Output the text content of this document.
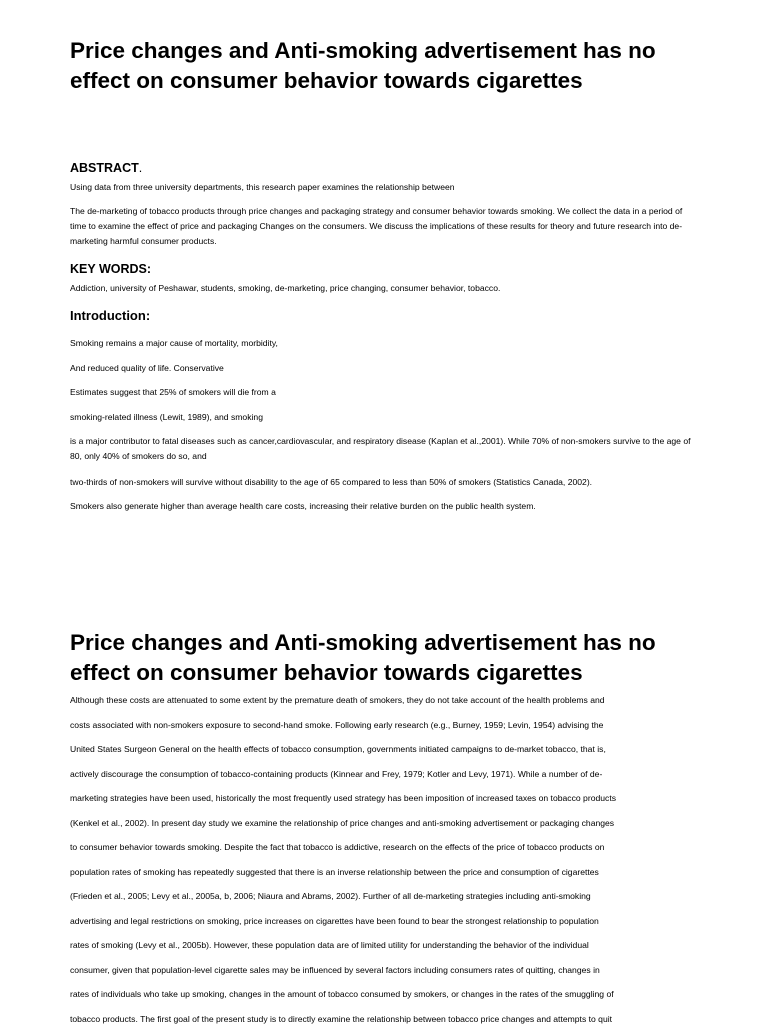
Price changes and Anti-smoking advertisement has no
effect on consumer behavior towards cigarettes
ABSTRACT.

Using data from three university departments, this research paper examines the relationship between

The de-marketing of tobacco products through price changes and packaging strategy and consumer behavior towards smoking. We collect the data in a period of time to examine the effect of price and packaging Changes on the consumers. We discuss the implications of these results for theory and future research into de-marketing harmful consumer products.

KEY WORDS:

Addiction, university of Peshawar, students, smoking, de-marketing, price changing, consumer behavior, tobacco.

Introduction:

Smoking remains a major cause of mortality, morbidity,

And reduced quality of life. Conservative

Estimates suggest that 25% of smokers will die from a

smoking-related illness (Lewit, 1989), and smoking

is a major contributor to fatal diseases such as cancer,cardiovascular, and respiratory disease (Kaplan et al.,2001). While 70% of non-smokers survive to the age of 80, only 40% of smokers do so, and

two-thirds of non-smokers will survive without disability to the age of 65 compared to less than 50% of smokers (Statistics Canada, 2002).

Smokers also generate higher than average health care costs, increasing their relative burden on the public health system.

Price changes and Anti-smoking advertisement has no
effect on consumer behavior towards cigarettes
Although these costs are attenuated to some extent by the premature death of smokers, they do not take account of the health problems and
costs associated with non-smokers exposure to second-hand smoke. Following early research (e.g., Burney, 1959; Levin, 1954) advising the
United States Surgeon General on the health effects of tobacco consumption, governments initiated campaigns to de-market tobacco, that is,
actively discourage the consumption of tobacco-containing products (Kinnear and Frey, 1979; Kotler and Levy, 1971). While a number of de-
marketing strategies have been used, historically the most frequently used strategy has been imposition of increased taxes on tobacco products
(Kenkel et al., 2002). In present day study we examine the relationship of price changes and anti-smoking advertisement or packaging changes
to consumer behavior towards smoking. Despite the fact that tobacco is addictive, research on the effects of the price of tobacco products on
population rates of smoking has repeatedly suggested that there is an inverse relationship between the price and consumption of cigarettes
(Frieden et al., 2005; Levy et al., 2005a, b, 2006; Niaura and Abrams, 2002). Further of all de-marketing strategies including anti-smoking
advertising and legal restrictions on smoking, price increases on cigarettes have been found to bear the strongest relationship to population
rates of smoking (Levy et al., 2005b). However, these population data are of limited utility for understanding the behavior of the individual
consumer, given that population-level cigarette sales may be influenced by several factors including consumers rates of quitting, changes in
rates of individuals who take up smoking, changes in the amount of tobacco consumed by smokers, or changes in the rates of the smuggling of
tobacco products. The first goal of the present study is to directly examine the relationship between tobacco price changes and attempts to quit
